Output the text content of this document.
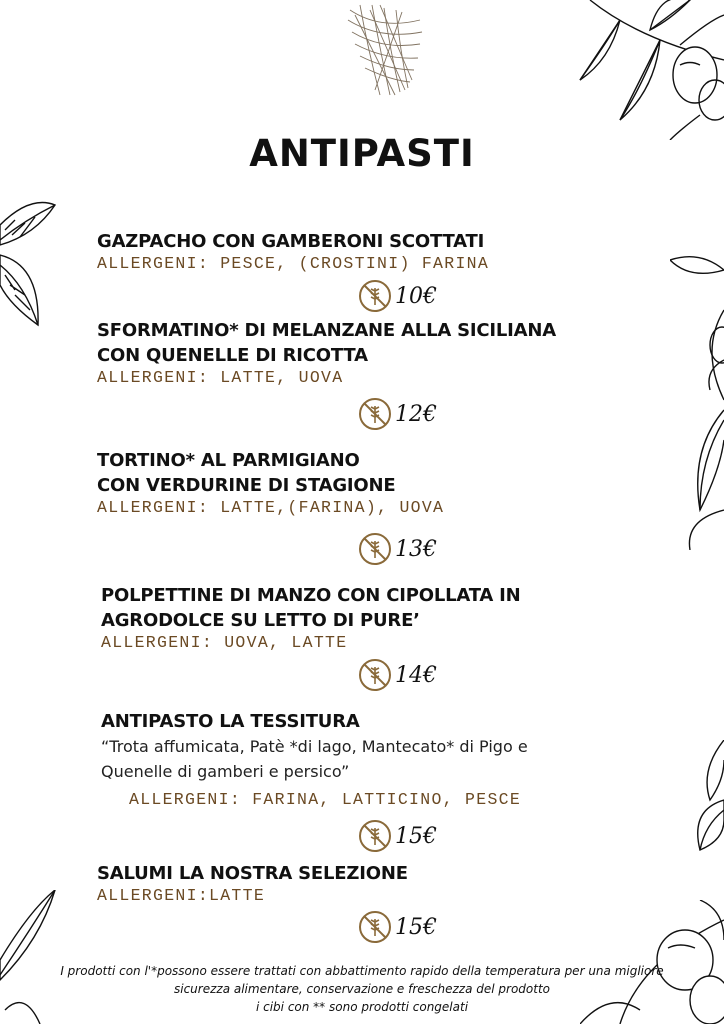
ANTIPASTI
GAZPACHO CON GAMBERONI SCOTTATI
ALLERGENI: PESCE, (CROSTINI) FARINA
10€
SFORMATINO* DI MELANZANE ALLA SICILIANA
CON QUENELLE DI RICOTTA
ALLERGENI: LATTE, UOVA
12€
TORTINO* AL PARMIGIANO
CON VERDURINE DI STAGIONE
ALLERGENI: LATTE,(FARINA), UOVA
13€
POLPETTINE DI MANZO CON CIPOLLATA IN
AGRODOLCE SU LETTO DI PURE’
ALLERGENI: UOVA, LATTE
14€
ANTIPASTO LA TESSITURA
“Trota affumicata, Patè *di lago, Mantecato* di Pigo e
Quenelle di gamberi e persico”
ALLERGENI: FARINA, LATTICINO, PESCE
15€
SALUMI LA NOSTRA SELEZIONE
ALLERGENI:LATTE
15€
I prodotti con l'*possono essere trattati con abbattimento rapido della temperatura per una migliore
sicurezza alimentare, conservazione e freschezza del prodotto
i cibi con ** sono prodotti congelati
